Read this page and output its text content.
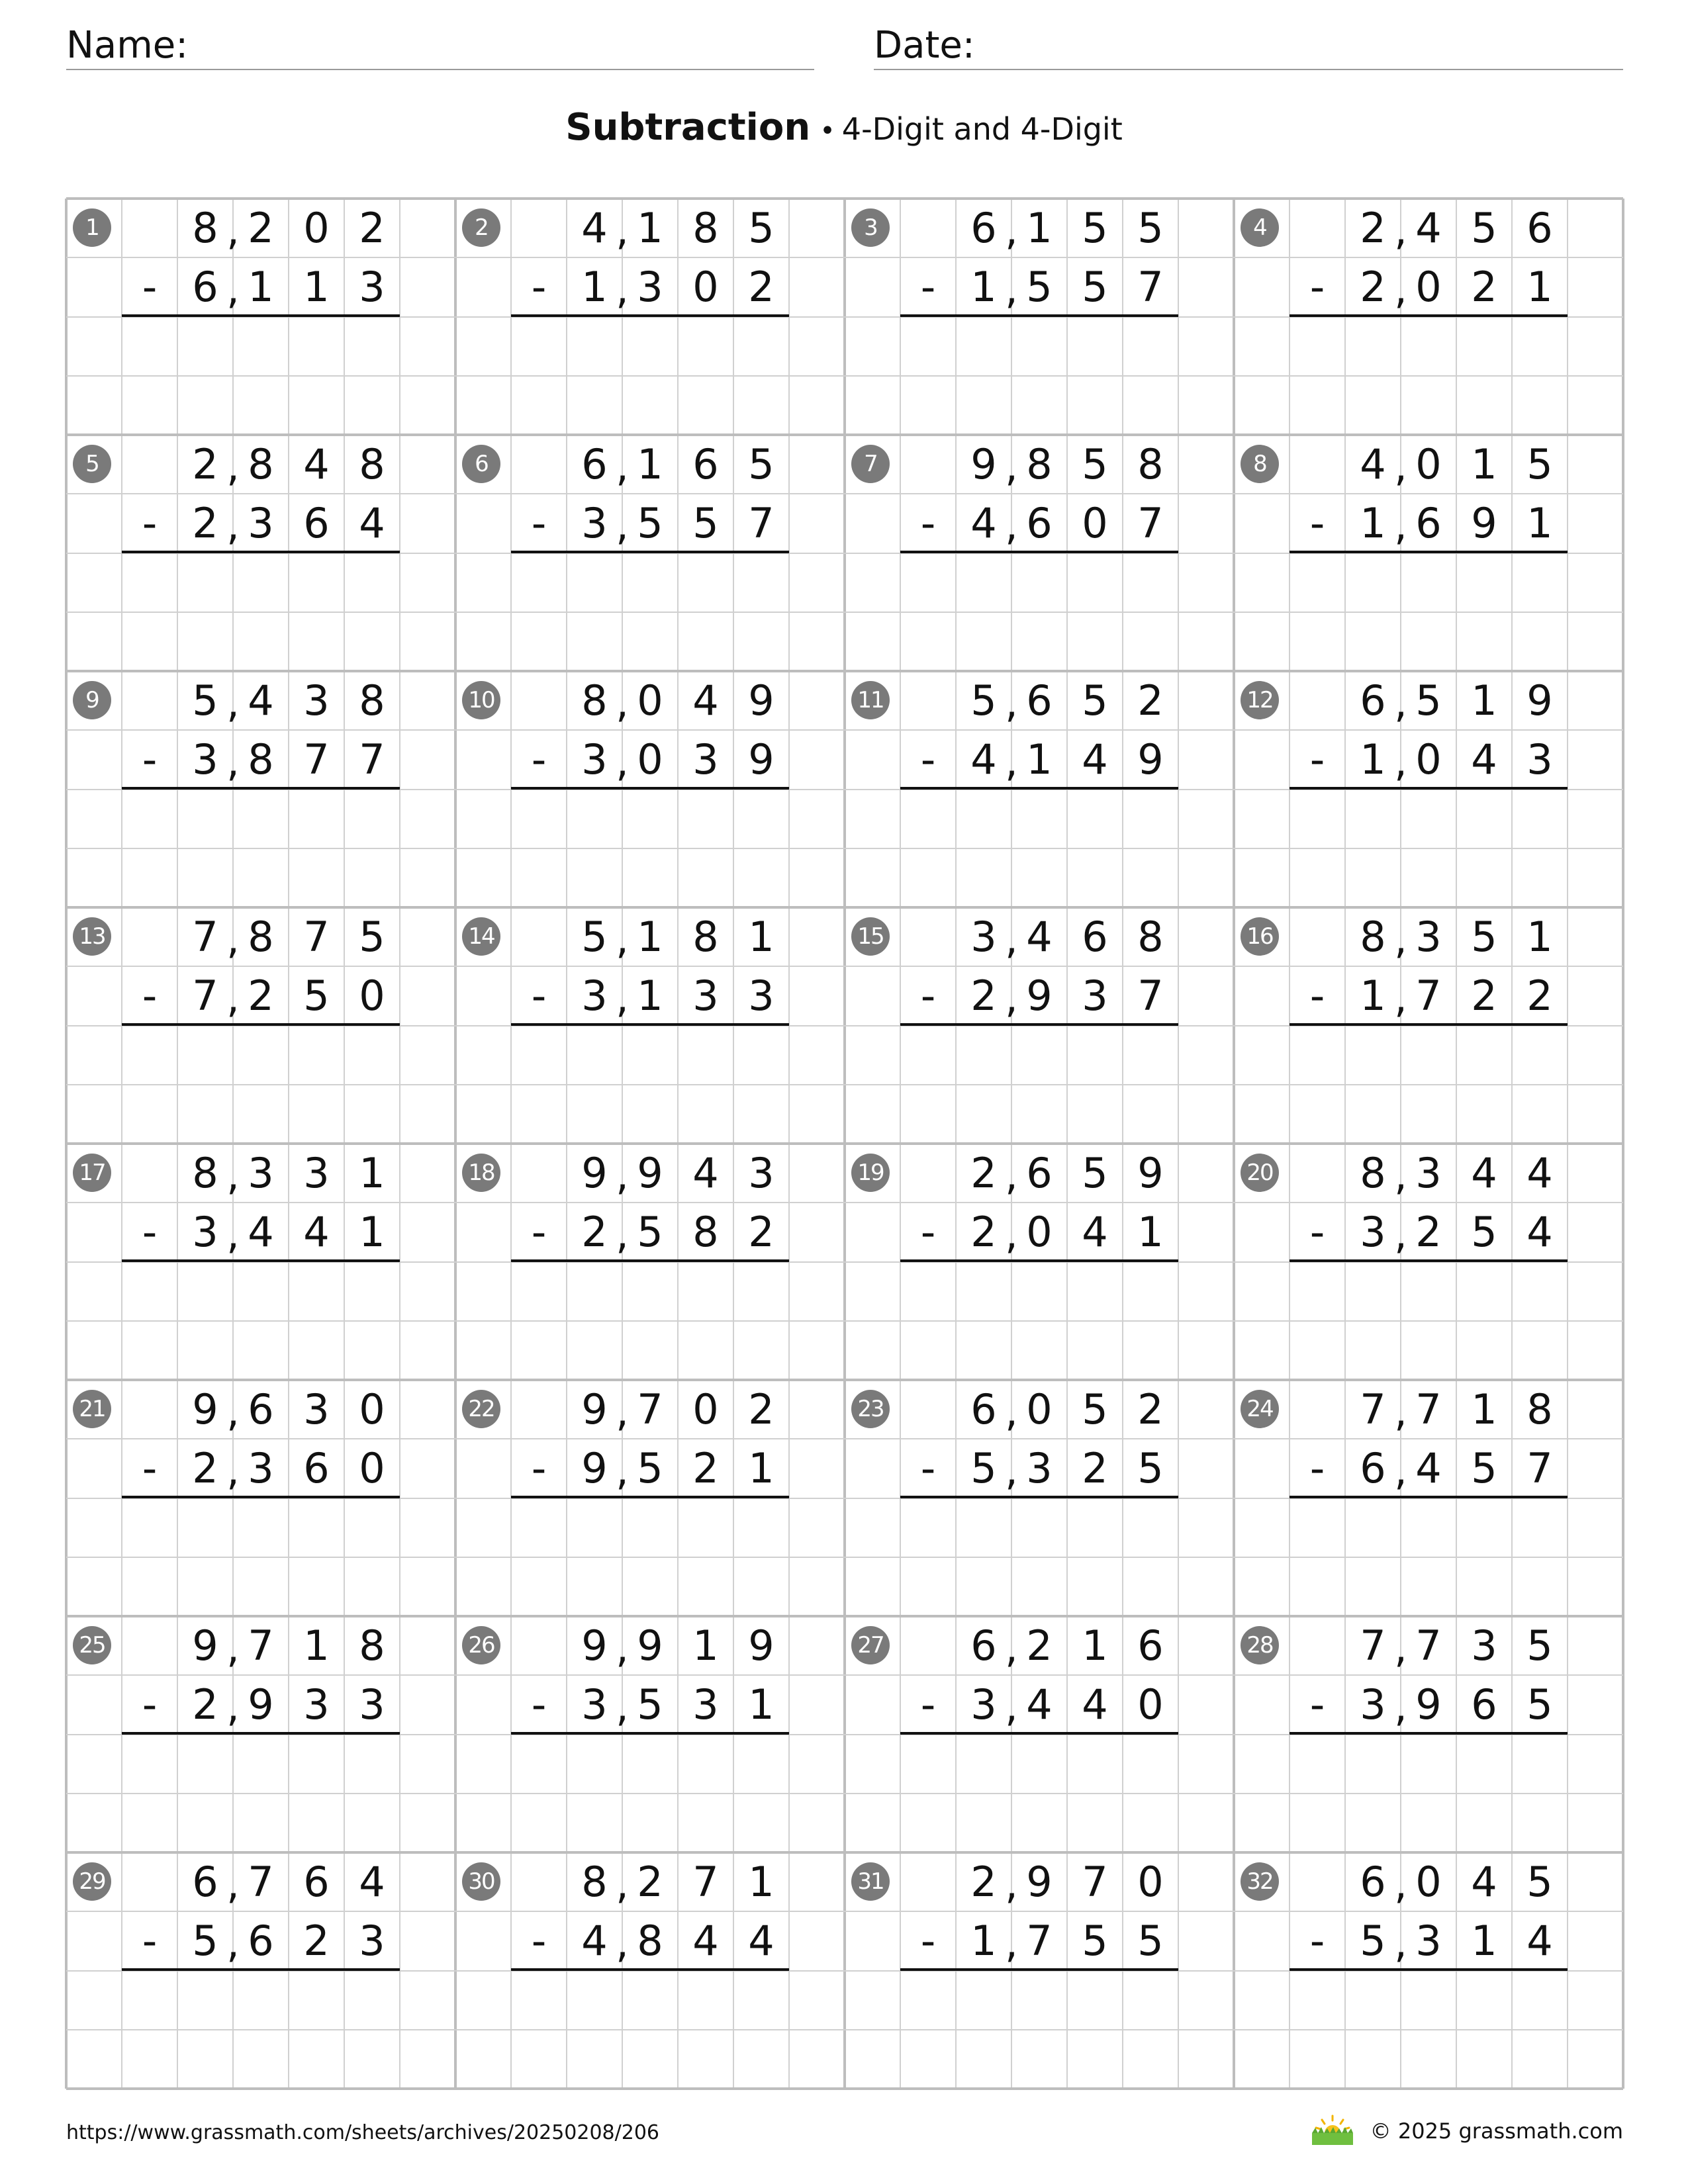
Name:	Date:
Subtraction • 4-Digit and 4-Digit
1	8 2 0 2
,
6 1 1 3
,
-
2	4 1 8 5
,
1 3 0 2
,
-
3	6 1 5 5
,
1 5 5 7
,
-
4	2 4 5 6
,
2 0 2 1
,
-
5	2 8 4 8
,
2 3 6 4
,
-
6	6 1 6 5
,
3 5 5 7
,
-
7	9 8 5 8
,
4 6 0 7
,
-
8	4 0 1 5
,
1 6 9 1
,
-
9	5 4 3 8
,
3 8 7 7
,
-
10	8 0 4 9
,
3 0 3 9
,
-
11	5 6 5 2
,
4 1 4 9
,
-
12	6 5 1 9
,
1 0 4 3
,
-
13	7 8 7 5
,
7 2 5 0
,
-
14	5 1 8 1
,
3 1 3 3
,
-
15	3 4 6 8
,
2 9 3 7
,
-
16	8 3 5 1
,
1 7 2 2
,
-
17	8 3 3 1
,
3 4 4 1
,
-
18	9 9 4 3
,
2 5 8 2
,
-
19	2 6 5 9
,
2 0 4 1
,
-
20	8 3 4 4
,
3 2 5 4
,
-
21	9 6 3 0
,
2 3 6 0
,
-
22	9 7 0 2
,
9 5 2 1
,
-
23	6 0 5 2
,
5 3 2 5
,
-
24	7 7 1 8
,
6 4 5 7
,
-
25	9 7 1 8
,
2 9 3 3
,
-
26	9 9 1 9
,
3 5 3 1
,
-
27	6 2 1 6
,
3 4 4 0
,
-
28	7 7 3 5
,
3 9 6 5
,
-
29	6 7 6 4
,
5 6 2 3
,
-
30	8 2 7 1
,
4 8 4 4
,
-
31	2 9 7 0
,
1 7 5 5
,
-
32	6 0 4 5
,
5 3 1 4
,
-
https://www.grassmath.com/sheets/archives/20250208/206	© 2025 grassmath.com
